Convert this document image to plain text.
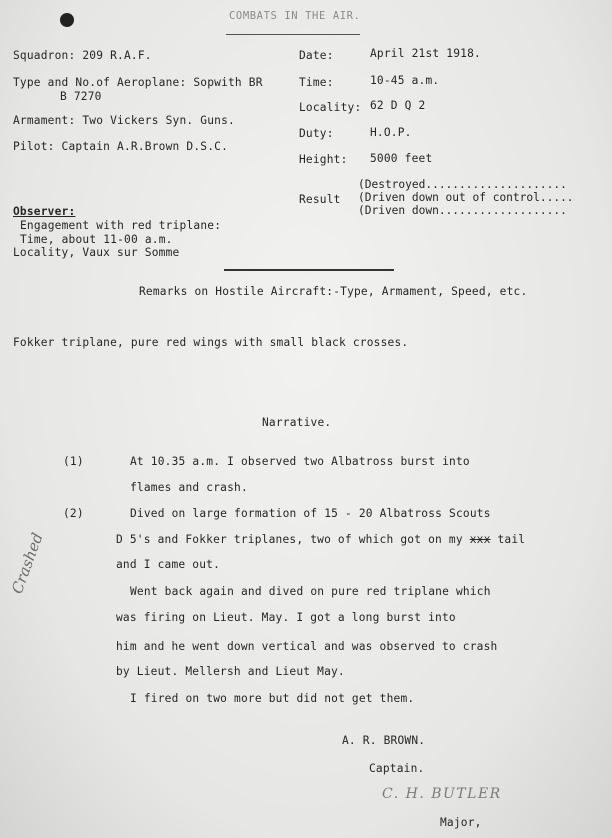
COMBATS IN THE AIR.
Squadron: 209 R.A.F.
Type and No.of Aeroplane: Sopwith BR
B 7270
Armament: Two Vickers Syn. Guns.
Pilot: Captain A.R.Brown D.S.C.
Observer:
Engagement with red triplane:
Time, about 11-00 a.m.
Locality, Vaux sur Somme
Date:	April 21st 1918.
Time:	10-45 a.m.
Locality: 62 D Q 2
Duty:	H.O.P.
Height: 5000 feet
Result
(Destroyed.....................
(Driven down out of control.....
(Driven down...................
Remarks on Hostile Aircraft:-Type, Armament, Speed, etc.
Fokker triplane, pure red wings with small black crosses.
Narrative.
(1)	At 10.35 a.m. I observed two Albatross burst into
flames and crash.
(2)	Dived on large formation of 15 - 20 Albatross Scouts
D 5's and Fokker triplanes, two of which got on my xxx tail
and I came out.
Went back again and dived on pure red triplane which
was firing on Lieut. May. I got a long burst into
him and he went down vertical and was observed to crash
by Lieut. Mellersh and Lieut May.
I fired on two more but did not get them.
A. R. BROWN.
Captain.
C. H. BUTLER
Major,
Crashed
